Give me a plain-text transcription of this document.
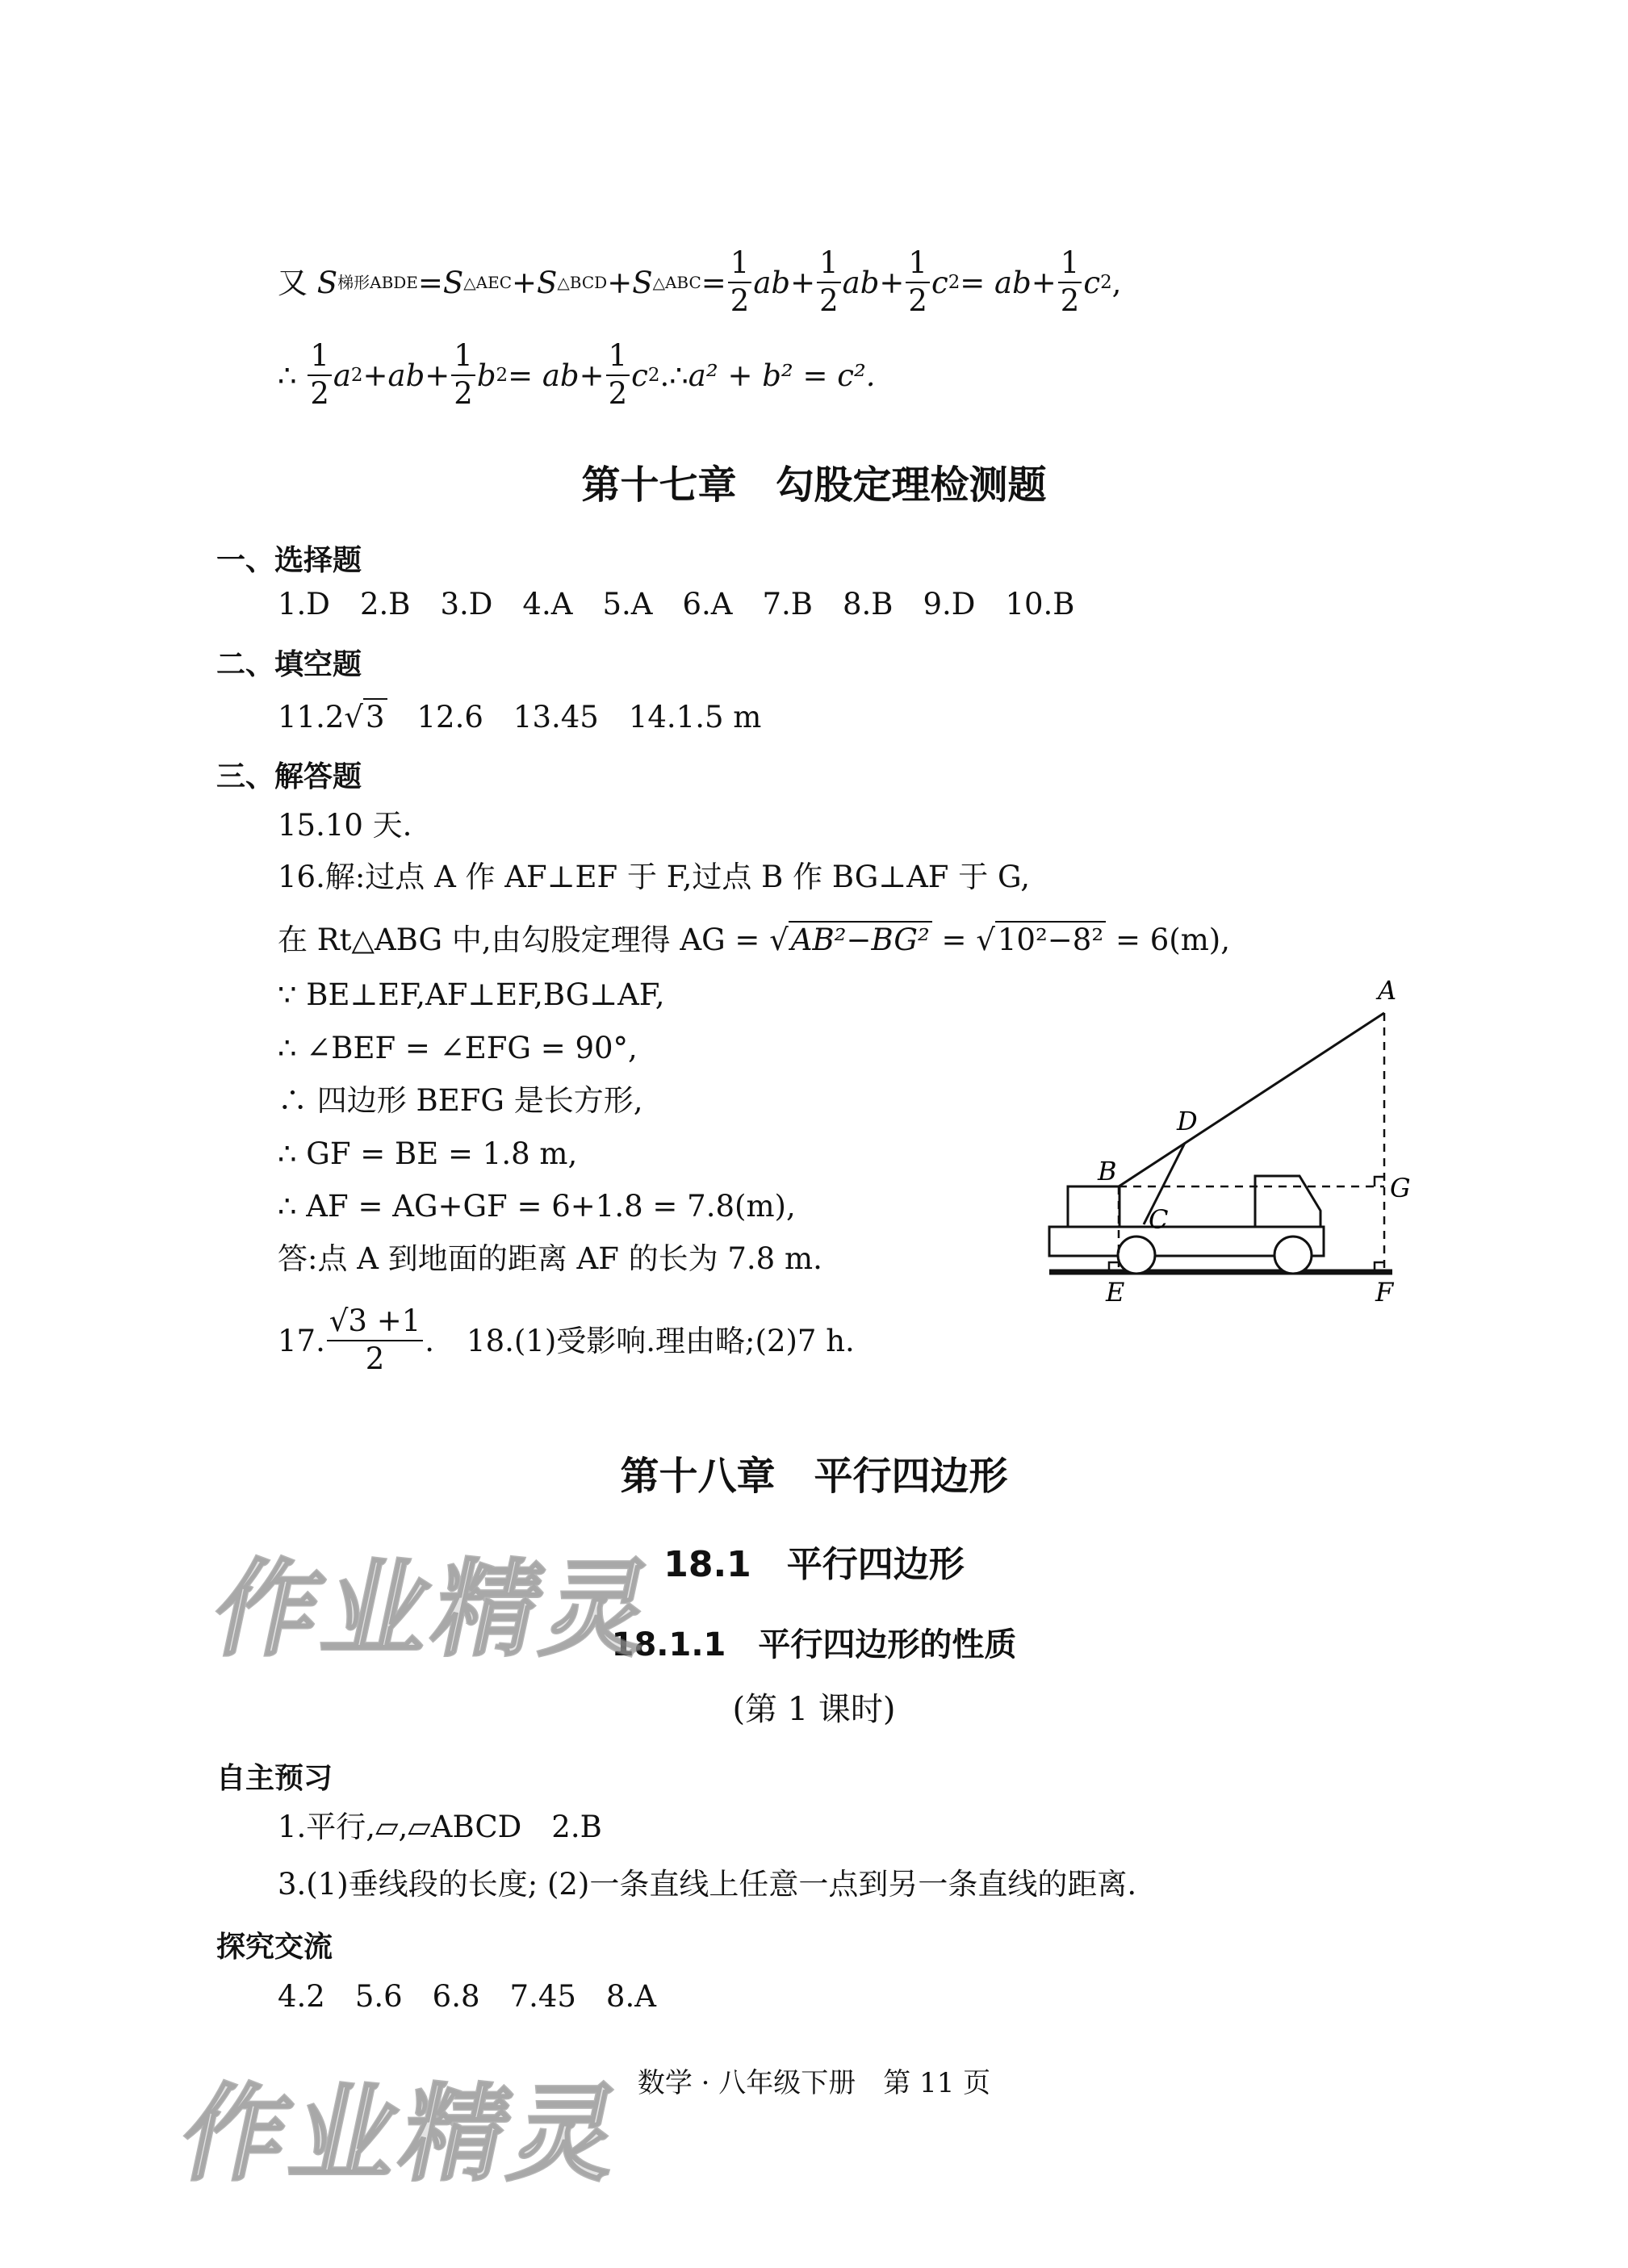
又
S 梯形ABDE = S △AEC + S △BCD + S △ABC = $\frac{1}{2}$ ab + $\frac{1}{2}$ ab + $\frac{1}{2}$ c $2 = ab+ \frac{1}{2}$ c 2 ,
∴
$\frac{1}{2}$ a $2 +ab+ \frac{1}{2}$ b $2 = ab+ \frac{1}{2}$ c 2 .∴ a² + b² = c².
第十七章　勾股定理检测题
一、选择题
1.D　2.B　3.D　4.A　5.A　6.A　7.B　8.B　9.D　10.B
二、填空题
11.2√3　12.6　13.45　14.1.5 m
三、解答题
15.10 天.
16.解:过点 A 作 AF⊥EF 于 F,过点 B 作 BG⊥AF 于 G,
在 Rt△ABG 中,由勾股定理得 AG = √AB²−BG² = √10²−8² = 6(m),
∵ BE⊥EF,AF⊥EF,BG⊥AF,
∴ ∠BEF = ∠EFG = 90°,
∴ 四边形 BEFG 是长方形,
∴ GF = BE = 1.8 m,
∴ AF = AG+GF = 6+1.8 = 7.8(m),
答:点 A 到地面的距离 AF 的长为 7.8 m.
17. $\frac{√3 +1}{2}$ . 18.(1)受影响.理由略;(2)7 h.
A
D
B
C
G
E	F
第十八章　平行四边形
18.1　平行四边形
18.1.1　平行四边形的性质
(第 1 课时)
自主预习
1.平行,▱,▱ABCD　2.B
3.(1)垂线段的长度; (2)一条直线上任意一点到另一条直线的距离.
探究交流
4.2　5.6　6.8　7.45　8.A
作业精灵
作业精灵 数学 · 八年级下册　第 11 页
